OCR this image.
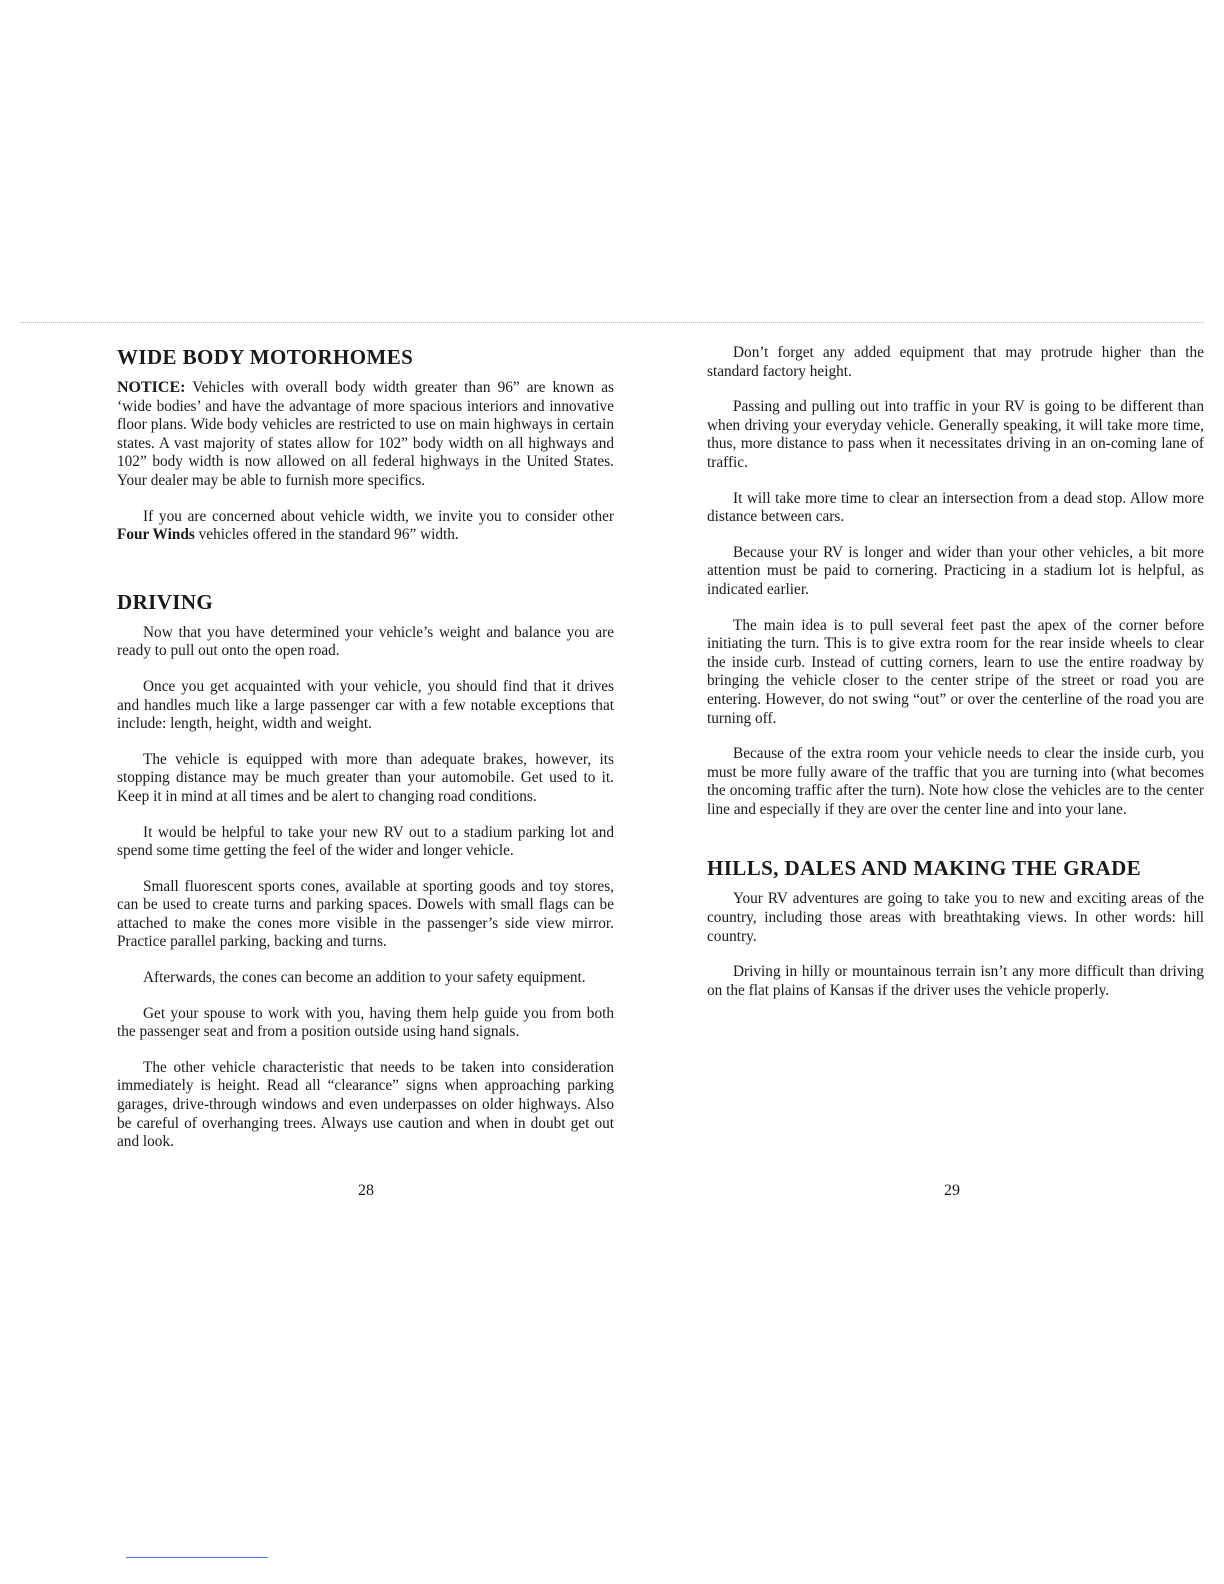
WIDE BODY MOTORHOMES

NOTICE: Vehicles with overall body width greater than 96” are known as ‘wide bodies’ and have the advantage of more spacious interiors and innovative floor plans. Wide body vehicles are restricted to use on main highways in certain states. A vast majority of states allow for 102” body width on all highways and 102” body width is now allowed on all federal highways in the United States. Your dealer may be able to furnish more specifics.

If you are concerned about vehicle width, we invite you to consider other Four Winds vehicles offered in the standard 96” width.

DRIVING

Now that you have determined your vehicle’s weight and balance you are ready to pull out onto the open road.

Once you get acquainted with your vehicle, you should find that it drives and handles much like a large passenger car with a few notable exceptions that include: length, height, width and weight.

The vehicle is equipped with more than adequate brakes, however, its stopping distance may be much greater than your automobile. Get used to it. Keep it in mind at all times and be alert to changing road conditions.

It would be helpful to take your new RV out to a stadium parking lot and spend some time getting the feel of the wider and longer vehicle.

Small fluorescent sports cones, available at sporting goods and toy stores, can be used to create turns and parking spaces. Dowels with small flags can be attached to make the cones more visible in the passenger’s side view mirror. Practice parallel parking, backing and turns.

Afterwards, the cones can become an addition to your safety equipment.

Get your spouse to work with you, having them help guide you from both the passenger seat and from a position outside using hand signals.

The other vehicle characteristic that needs to be taken into consideration immediately is height. Read all “clearance” signs when approaching parking garages, drive-through windows and even underpasses on older highways. Also be careful of overhanging trees. Always use caution and when in doubt get out and look.

28

Don’t forget any added equipment that may protrude higher than the standard factory height.

Passing and pulling out into traffic in your RV is going to be different than when driving your everyday vehicle. Generally speaking, it will take more time, thus, more distance to pass when it necessitates driving in an on-coming lane of traffic.

It will take more time to clear an intersection from a dead stop. Allow more distance between cars.

Because your RV is longer and wider than your other vehicles, a bit more attention must be paid to cornering. Practicing in a stadium lot is helpful, as indicated earlier.

The main idea is to pull several feet past the apex of the corner before initiating the turn. This is to give extra room for the rear inside wheels to clear the inside curb. Instead of cutting corners, learn to use the entire roadway by bringing the vehicle closer to the center stripe of the street or road you are entering. However, do not swing “out” or over the centerline of the road you are turning off.

Because of the extra room your vehicle needs to clear the inside curb, you must be more fully aware of the traffic that you are turning into (what becomes the oncoming traffic after the turn). Note how close the vehicles are to the center line and especially if they are over the center line and into your lane.

HILLS, DALES AND MAKING THE GRADE

Your RV adventures are going to take you to new and exciting areas of the country, including those areas with breathtaking views. In other words: hill country.

Driving in hilly or mountainous terrain isn’t any more difficult than driving on the flat plains of Kansas if the driver uses the vehicle properly.

29
